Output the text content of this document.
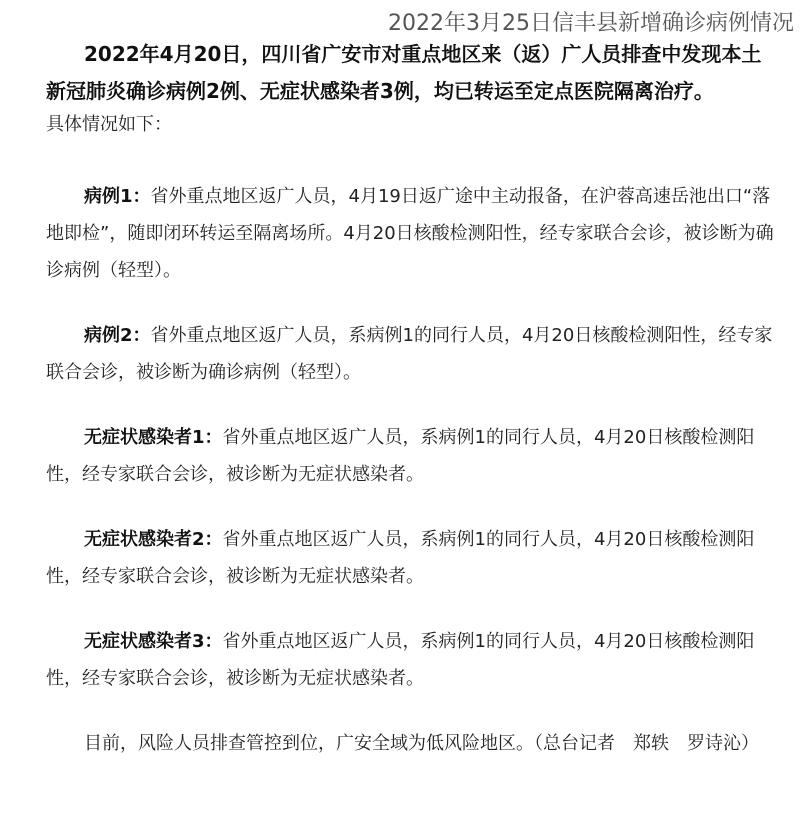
2022年3月25日信丰县新增确诊病例情况

2022年4月20日，四川省广安市对重点地区来（返）广人员排查中发现本土新冠肺炎确诊病例2例、无症状感染者3例，均已转运至定点医院隔离治疗。

具体情况如下：

病例1：省外重点地区返广人员，4月19日返广途中主动报备，在沪蓉高速岳池出口“落地即检”，随即闭环转运至隔离场所。4月20日核酸检测阳性，经专家联合会诊，被诊断为确诊病例（轻型）。

病例2：省外重点地区返广人员，系病例1的同行人员，4月20日核酸检测阳性，经专家联合会诊，被诊断为确诊病例（轻型）。

无症状感染者1：省外重点地区返广人员，系病例1的同行人员，4月20日核酸检测阳性，经专家联合会诊，被诊断为无症状感染者。

无症状感染者2：省外重点地区返广人员，系病例1的同行人员，4月20日核酸检测阳性，经专家联合会诊，被诊断为无症状感染者。

无症状感染者3：省外重点地区返广人员，系病例1的同行人员，4月20日核酸检测阳性，经专家联合会诊，被诊断为无症状感染者。

目前，风险人员排查管控到位，广安全域为低风险地区。（总台记者　郑轶　罗诗沁）
